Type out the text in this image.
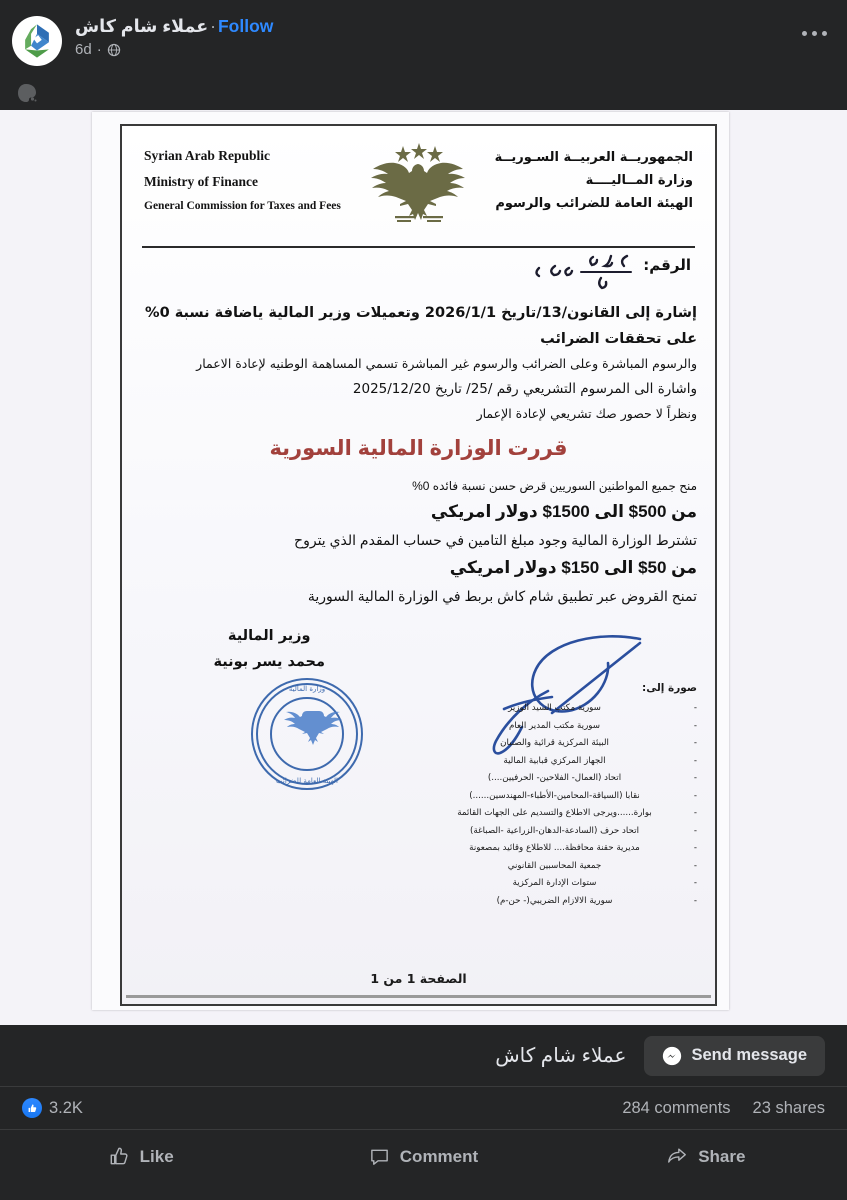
عملاء شام كاش · Follow
6d ·
Syrian Arab Republic
Ministry of Finance
General Commission for Taxes and Fees
الجمهوريــة العربيــة السـوريــة
وزارة المــاليــــة
الهيئة العامة للضرائب والرسوم
الرقم:
إشارة إلى القانون/13/تاريخ 2026/1/1 وتعميلات وزير المالية ياضافة نسبة 0% على تحققات الضرائب
والرسوم المباشرة وعلى الضرائب والرسوم غير المباشرة تسمي المساهمة الوطنيه لإعادة الاعمار
واشارة الى المرسوم التشريعي رقم /25/ تاريخ 2025/12/20
ونظراً لا حصور صك تشريعي لإعادة الإعمار
قررت الوزارة المالية السورية
منح جميع المواطنين السوريين قرض حسن نسبة فائده 0%
من 500$ الى 1500$ دولار امريكي
تشترط الوزارة المالية وجود مبلغ التامين في حساب المقدم الذي يتروح
من 50$ الى 150$ دولار امريكي
تمنح القروض عبر تطبيق شام كاش بربط في الوزارة المالية السورية
وزير المالية
محمد يسر بونية
وزارة المالية
الهيئة العامة للضرائب
صورة إلى:
-
سورية مكتب السيد الوزير
-
سورية مكتب المدير العام
-
البيئة المركزية قرائية والصنبان
-
الجهاز المركزي قبابية المالية
-
اتحاد (العمال- الفلاحين- الحرفيين....)
-
نقابا (السياقة-المحامين-الأطباء-المهندسين......)
-
بوارة......ويرجى الاطلاع والتسديم على الجهات القائمة
-
اتحاد حرف (السادعة-الدهان-الزراعية -الصباغة)
-
مديرية حقنة محافظة.... للاطلاع وقائيد بمصعونة
-
جمعية المحاسبين القانوني
-
ستوات الإدارة المركزية
-
سورية الالازام الضريبي(- حن-م)
الصفحة 1 من 1
عملاء شام كاش	Send message
3.2K	284 comments 23 shares
Like	Comment	Share
